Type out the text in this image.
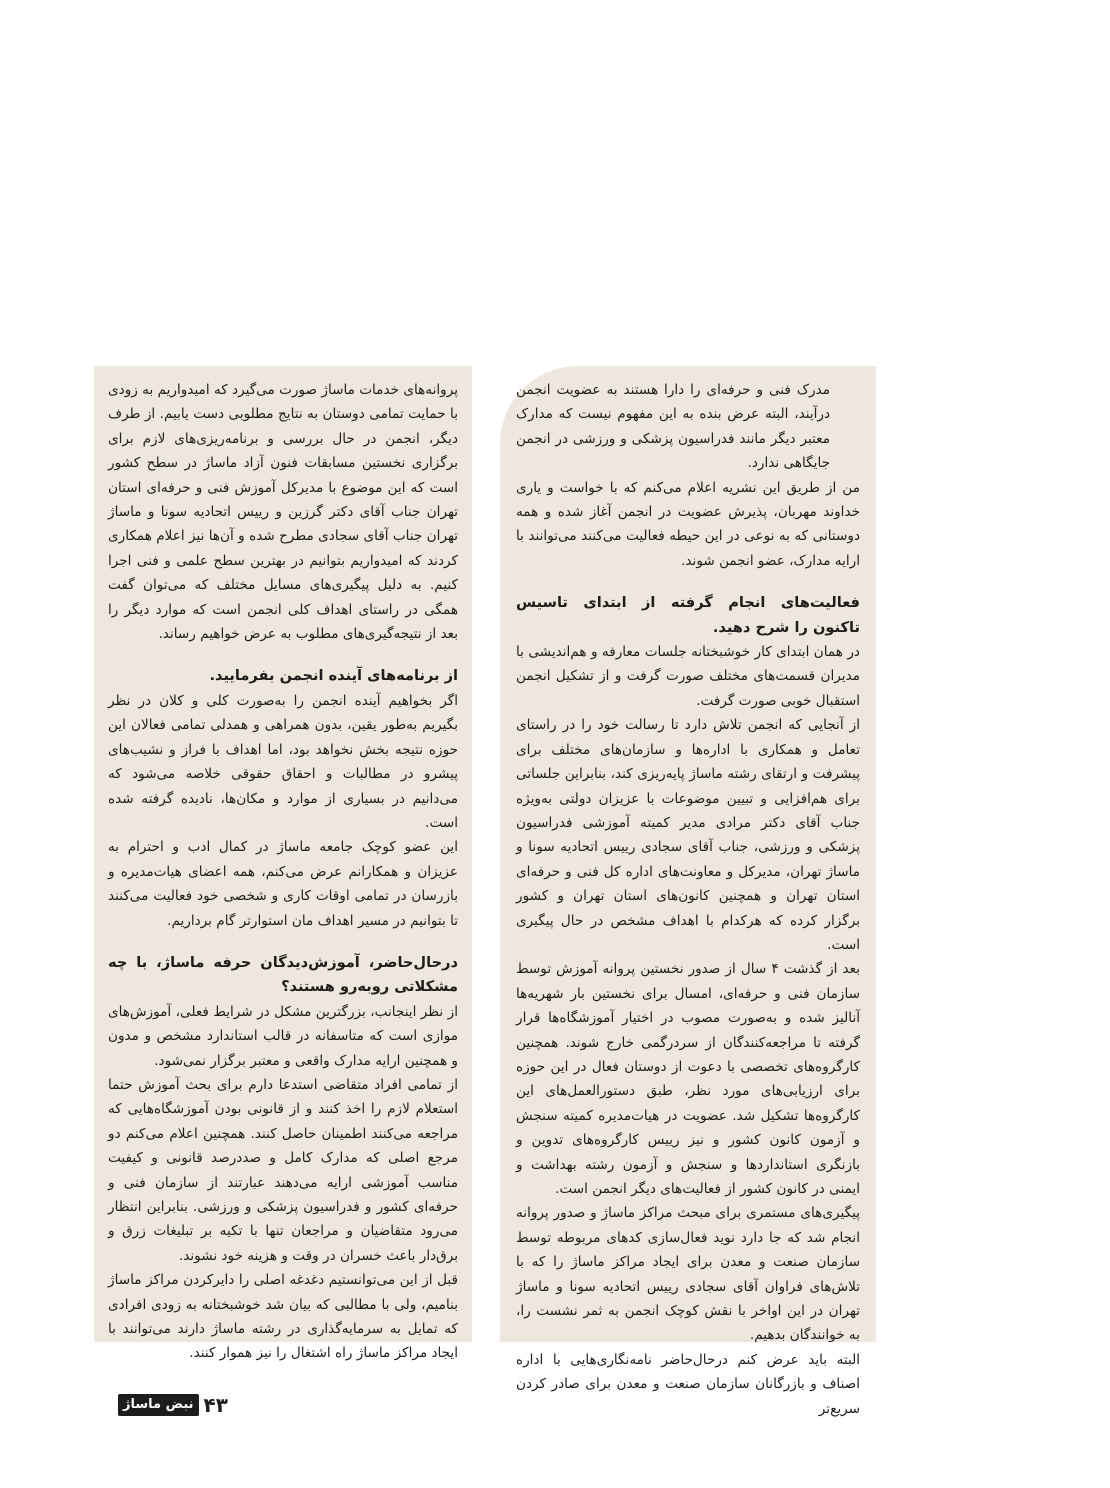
مدرک فنی و حرفه‌ای را دارا هستند به عضویت انجمن درآیند، البته عرض بنده به این مفهوم نیست که مدارک معتبر دیگر مانند فدراسیون پزشکی و ورزشی در انجمن جایگاهی ندارد.

من از طریق این نشریه اعلام می‌کنم که با خواست و یاری خداوند مهربان، پذیرش عضویت در انجمن آغاز شده و همه دوستانی که به نوعی در این حیطه فعالیت می‌کنند می‌توانند با ارایه مدارک، عضو انجمن شوند.

فعالیت‌های انجام گرفته از ابتدای تاسیس تاکنون را شرح دهید.

در همان ابتدای کار خوشبختانه جلسات معارفه و هم‌اندیشی با مدیران قسمت‌های مختلف صورت گرفت و از تشکیل انجمن استقبال خوبی صورت گرفت.

از آنجایی که انجمن تلاش دارد تا رسالت خود را در راستای تعامل و همکاری با اداره‌ها و سازمان‌های مختلف برای پیشرفت و ارتقای رشته ماساژ پایه‌ریزی کند، بنابراین جلساتی برای هم‌افزایی و تبیین موضوعات با عزیزان دولتی به‌ویژه جناب آقای دکتر مرادی مدیر کمیته آموزشی فدراسیون پزشکی و ورزشی، جناب آقای سجادی رییس اتحادیه سونا و ماساژ تهران، مدیرکل و معاونت‌های اداره کل فنی و حرفه‌ای استان تهران و همچنین کانون‌های استان تهران و کشور برگزار کرده که هرکدام با اهداف مشخص در حال پیگیری است.

بعد از گذشت ۴ سال از صدور نخستین پروانه آموزش توسط سازمان فنی و حرفه‌ای، امسال برای نخستین بار شهریه‌ها آنالیز شده و به‌صورت مصوب در اختیار آموزشگاه‌ها قرار گرفته تا مراجعه‌کنندگان از سردرگمی خارج شوند. همچنین کارگروه‌های تخصصی با دعوت از دوستان فعال در این حوزه برای ارزیابی‌های مورد نظر، طبق دستورالعمل‌های این کارگروه‌ها تشکیل شد. عضویت در هیات‌مدیره کمیته سنجش و آزمون کانون کشور و نیز رییس کارگروه‌های تدوین و بازنگری استانداردها و سنجش و آزمون رشته بهداشت و ایمنی در کانون کشور از فعالیت‌های دیگر انجمن است.

پیگیری‌های مستمری برای مبحث مراکز ماساژ و صدور پروانه انجام شد که جا دارد نوید فعال‌سازی کدهای مربوطه توسط سازمان صنعت و معدن برای ایجاد مراکز ماساژ را که با تلاش‌های فراوان آقای سجادی رییس اتحادیه سونا و ماساژ تهران در این اواخر با نقش کوچک انجمن به ثمر نشست را، به خوانندگان بدهیم.

البته باید عرض کنم درحال‌حاضر نامه‌نگاری‌هایی با اداره اصناف و بازرگانان سازمان صنعت و معدن برای صادر کردن سریع‌تر

پروانه‌های خدمات ماساژ صورت می‌گیرد که امیدواریم به زودی با حمایت تمامی دوستان به نتایج مطلوبی دست یابیم. از طرف دیگر، انجمن در حال بررسی و برنامه‌ریزی‌های لازم برای برگزاری نخستین مسابقات فنون آزاد ماساژ در سطح کشور است که این موضوع با مدیرکل آموزش فنی و حرفه‌ای استان تهران جناب آقای دکتر گرزین و رییس اتحادیه سونا و ماساژ تهران جناب آقای سجادی مطرح شده و آن‌ها نیز اعلام همکاری کردند که امیدواریم بتوانیم در بهترین سطح علمی و فنی اجرا کنیم. به دلیل پیگیری‌های مسایل مختلف که می‌توان گفت همگی در راستای اهداف کلی انجمن است که موارد دیگر را بعد از نتیجه‌گیری‌های مطلوب به عرض خواهیم رساند.

از برنامه‌های آینده انجمن بفرمایید.

اگر بخواهیم آینده انجمن را به‌صورت کلی و کلان در نظر بگیریم به‌طور یقین، بدون همراهی و همدلی تمامی فعالان این حوزه نتیجه بخش نخواهد بود، اما اهداف با فراز و نشیب‌های پیشرو در مطالبات و احقاق حقوقی خلاصه می‌شود که می‌دانیم در بسیاری از موارد و مکان‌ها، نادیده گرفته شده است.

این عضو کوچک جامعه ماساژ در کمال ادب و احترام به عزیزان و همکارانم عرض می‌کنم، همه اعضای هیات‌مدیره و بازرسان در تمامی اوقات کاری و شخصی خود فعالیت می‌کنند تا بتوانیم در مسیر اهداف مان استوارتر گام برداریم.

درحال‌حاضر، آموزش‌دیدگان حرفه ماساژ، با چه مشکلاتی روبه‌رو هستند؟

از نظر اینجانب، بزرگترین مشکل در شرایط فعلی، آموزش‌های موازی است که متاسفانه در قالب استاندارد مشخص و مدون و همچنین ارایه مدارک واقعی و معتبر برگزار نمی‌شود.

از تمامی افراد متقاضی استدعا دارم برای بحث آموزش حتما استعلام لازم را اخذ کنند و از قانونی بودن آموزشگاه‌هایی که مراجعه می‌کنند اطمینان حاصل کنند. همچنین اعلام می‌کنم دو مرجع اصلی که مدارک کامل و صددرصد قانونی و کیفیت مناسب آموزشی ارایه می‌دهند عبارتند از سازمان فنی و حرفه‌ای کشور و فدراسیون پزشکی و ورزشی. بنابراین انتظار می‌رود متقاضیان و مراجعان تنها با تکیه بر تبلیغات زرق و برق‌دار باعث خسران در وقت و هزینه خود نشوند.

قبل از این می‌توانستیم دغدغه اصلی را دایرکردن مراکز ماساژ بنامیم، ولی با مطالبی که بیان شد خوشبختانه به زودی افرادی که تمایل به سرمایه‌گذاری در رشته ماساژ دارند می‌توانند با ایجاد مراکز ماساژ راه اشتغال را نیز هموار کنند.

نبض ماساژ ۴۳
